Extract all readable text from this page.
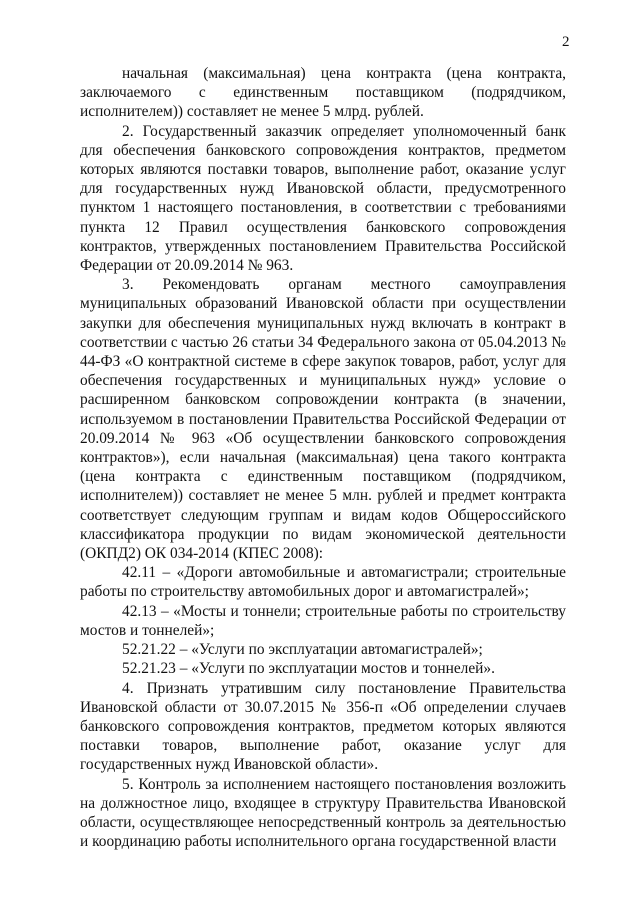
2

начальная (максимальная) цена контракта (цена контракта, заключаемого с единственным поставщиком (подрядчиком, исполнителем)) составляет не менее 5 млрд. рублей.

2. Государственный заказчик определяет уполномоченный банк для обеспечения банковского сопровождения контрактов, предметом которых являются поставки товаров, выполнение работ, оказание услуг для государственных нужд Ивановской области, предусмотренного пунктом 1 настоящего постановления, в соответствии с требованиями пункта 12 Правил осуществления банковского сопровождения контрактов, утвержденных постановлением Правительства Российской Федерации от 20.09.2014 № 963.

3. Рекомендовать органам местного самоуправления муниципальных образований Ивановской области при осуществлении закупки для обеспечения муниципальных нужд включать в контракт в соответствии с частью 26 статьи 34 Федерального закона от 05.04.2013 № 44-ФЗ «О контрактной системе в сфере закупок товаров, работ, услуг для обеспечения государственных и муниципальных нужд» условие о расширенном банковском сопровождении контракта (в значении, используемом в постановлении Правительства Российской Федерации от 20.09.2014 № 963 «Об осуществлении банковского сопровождения контрактов»), если начальная (максимальная) цена такого контракта (цена контракта с единственным поставщиком (подрядчиком, исполнителем)) составляет не менее 5 млн. рублей и предмет контракта соответствует следующим группам и видам кодов Общероссийского классификатора продукции по видам экономической деятельности (ОКПД2) ОК 034-2014 (КПЕС 2008):

42.11 – «Дороги автомобильные и автомагистрали; строительные работы по строительству автомобильных дорог и автомагистралей»;

42.13 – «Мосты и тоннели; строительные работы по строительству мостов и тоннелей»;

52.21.22 – «Услуги по эксплуатации автомагистралей»;

52.21.23 – «Услуги по эксплуатации мостов и тоннелей».

4. Признать утратившим силу постановление Правительства Ивановской области от 30.07.2015 № 356-п «Об определении случаев банковского сопровождения контрактов, предметом которых являются поставки товаров, выполнение работ, оказание услуг для государственных нужд Ивановской области».

5. Контроль за исполнением настоящего постановления возложить на должностное лицо, входящее в структуру Правительства Ивановской области, осуществляющее непосредственный контроль за деятельностью и координацию работы исполнительного органа государственной власти
